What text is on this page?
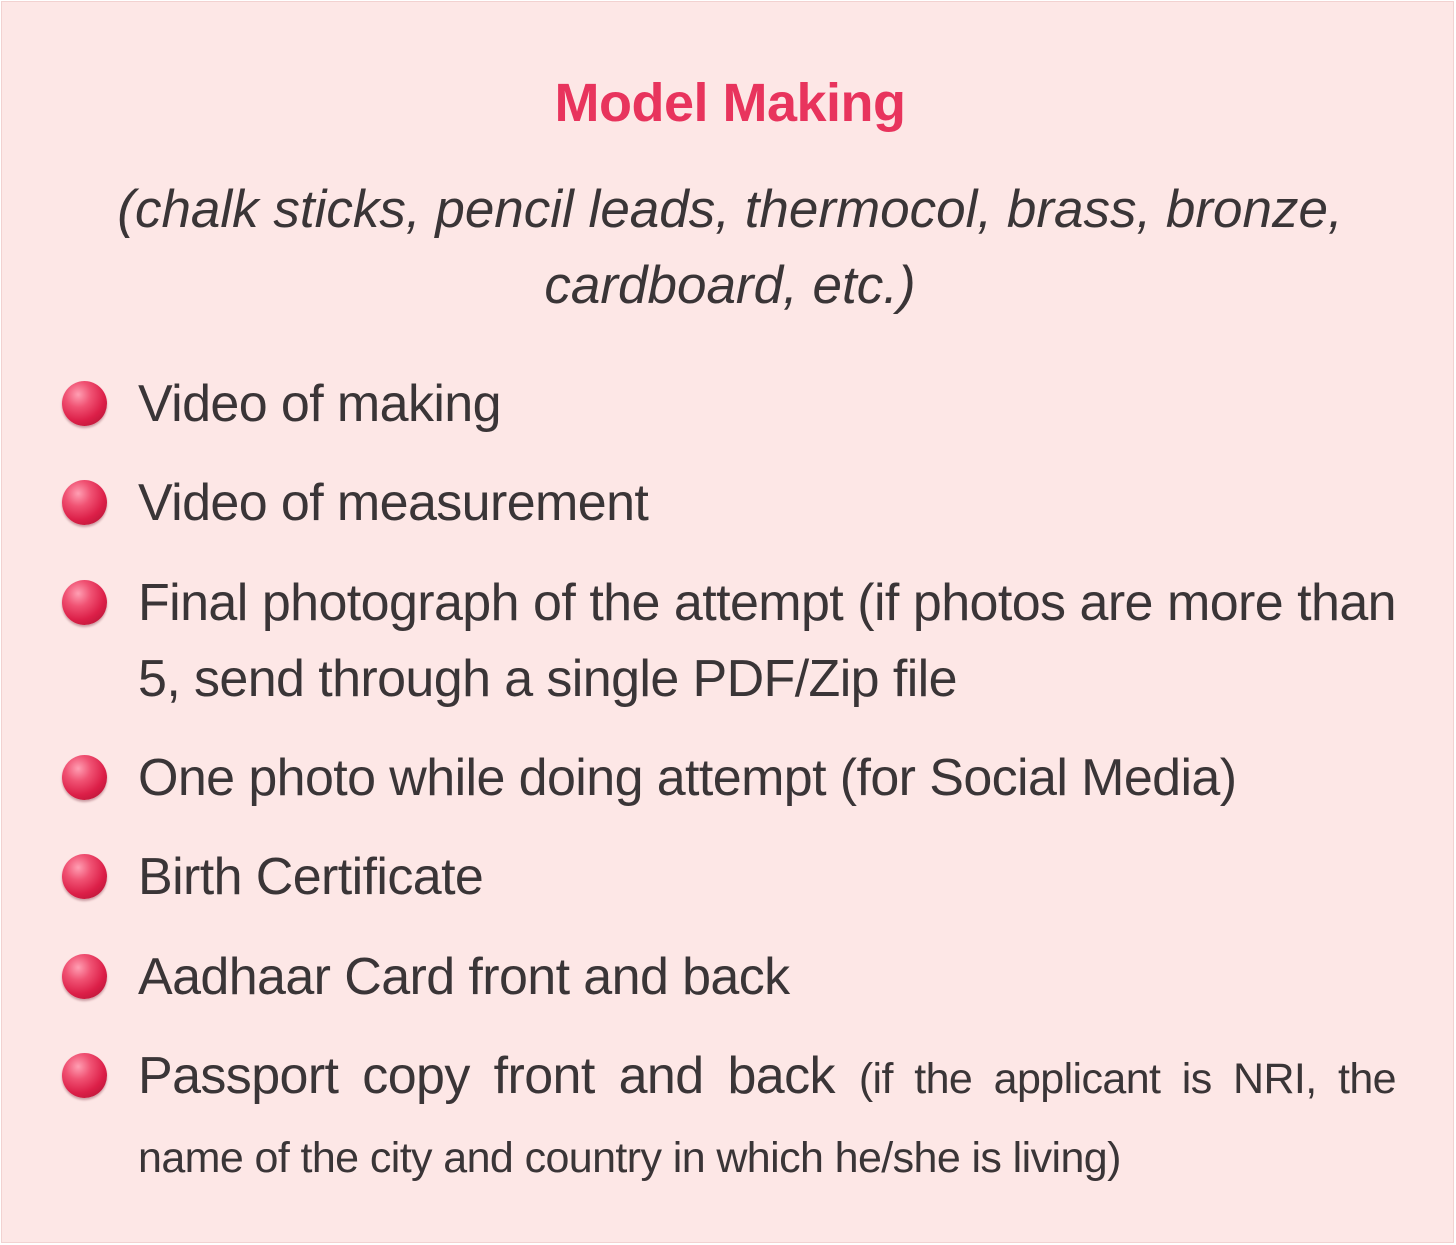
Model Making
(chalk sticks, pencil leads, thermocol, brass, bronze, cardboard, etc.)
Video of making
Video of measurement
Final photograph of the attempt (if photos are more than 5, send through a single PDF/Zip file
One photo while doing attempt (for Social Media)
Birth Certificate
Aadhaar Card front and back
Passport copy front and back (if the applicant is NRI, the name of the city and country in which he/she is living)
